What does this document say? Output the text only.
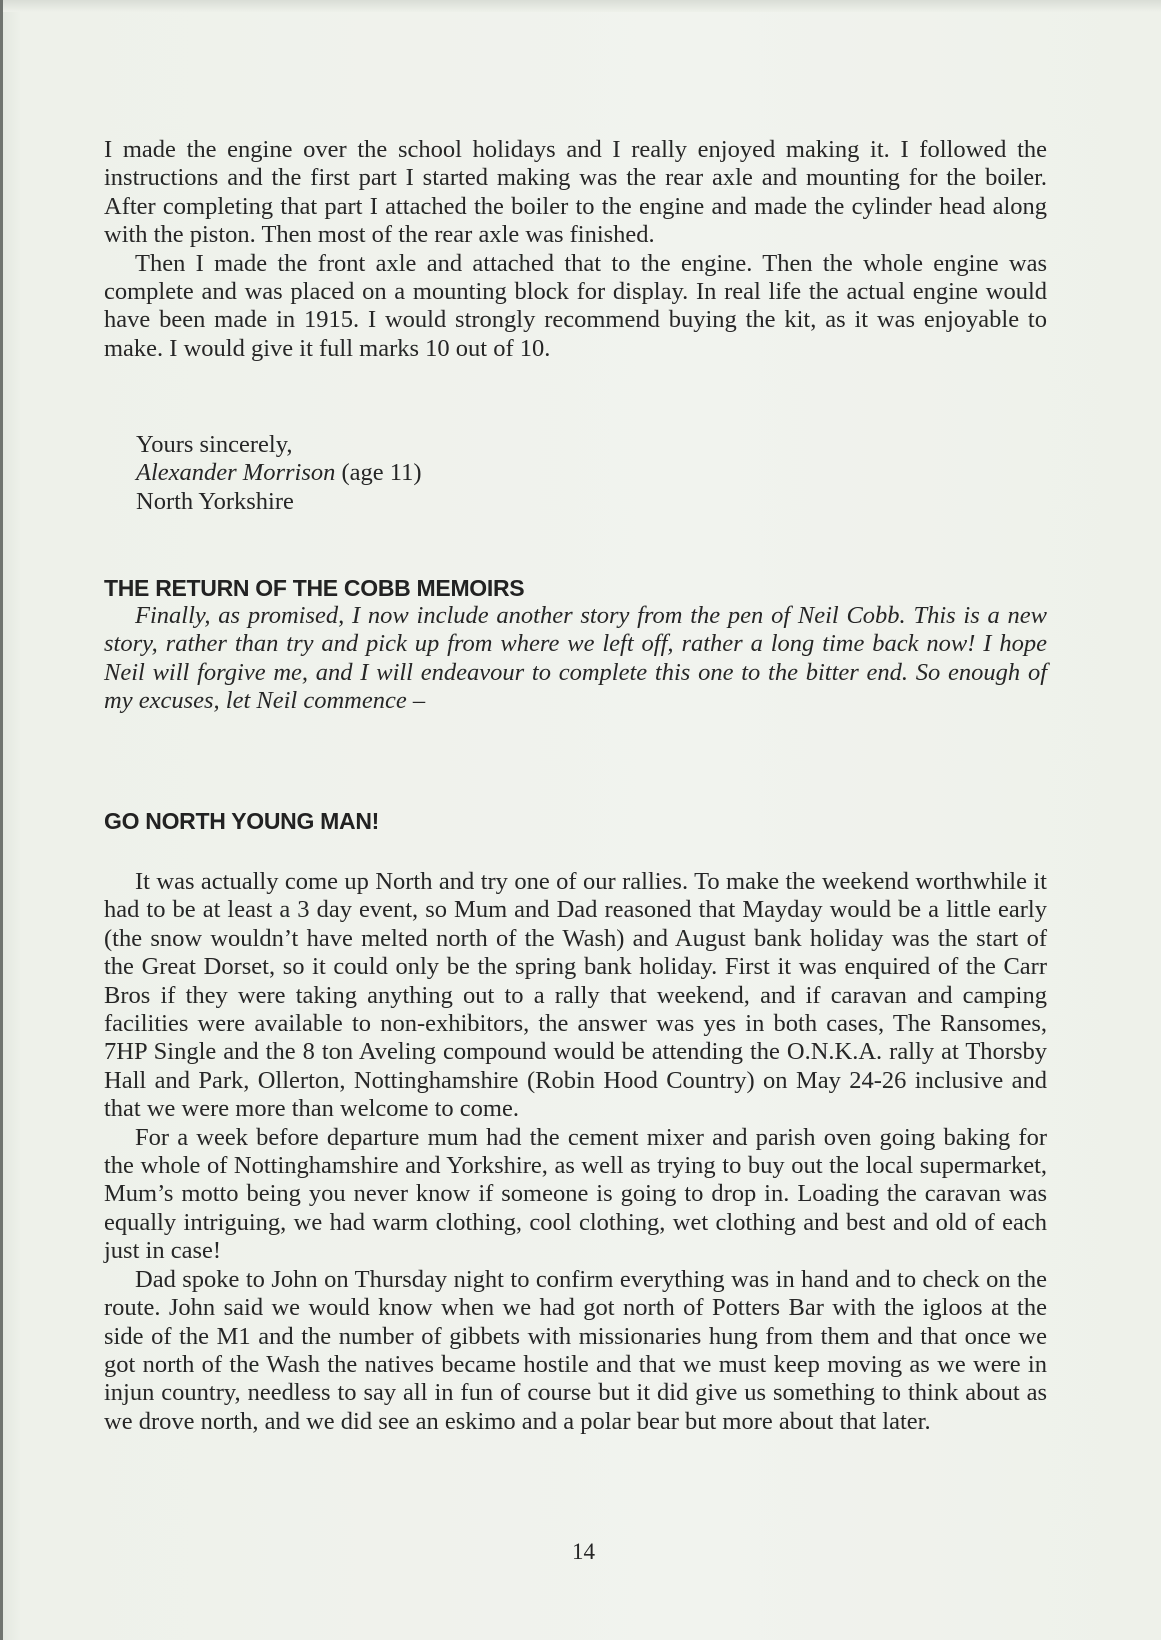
I made the engine over the school holidays and I really enjoyed making it. I followed the instructions and the first part I started making was the rear axle and mounting for the boiler. After completing that part I attached the boiler to the engine and made the cylinder head along with the piston. Then most of the rear axle was finished.

Then I made the front axle and attached that to the engine. Then the whole engine was complete and was placed on a mounting block for display. In real life the actual engine would have been made in 1915. I would strongly recommend buying the kit, as it was enjoyable to make. I would give it full marks 10 out of 10.

Yours sincerely,
Alexander Morrison (age 11)
North Yorkshire
THE RETURN OF THE COBB MEMOIRS

Finally, as promised, I now include another story from the pen of Neil Cobb. This is a new story, rather than try and pick up from where we left off, rather a long time back now! I hope Neil will forgive me, and I will endeavour to complete this one to the bitter end. So enough of my excuses, let Neil commence –

GO NORTH YOUNG MAN!

It was actually come up North and try one of our rallies. To make the weekend worthwhile it had to be at least a 3 day event, so Mum and Dad reasoned that Mayday would be a little early (the snow wouldn’t have melted north of the Wash) and August bank holiday was the start of the Great Dorset, so it could only be the spring bank holiday. First it was enquired of the Carr Bros if they were taking anything out to a rally that weekend, and if caravan and camping facilities were available to non-exhibitors, the answer was yes in both cases, The Ransomes, 7HP Single and the 8 ton Aveling compound would be attending the O.N.K.A. rally at Thorsby Hall and Park, Ollerton, Nottinghamshire (Robin Hood Country) on May 24-26 inclusive and that we were more than welcome to come.

For a week before departure mum had the cement mixer and parish oven going baking for the whole of Nottinghamshire and Yorkshire, as well as trying to buy out the local supermarket, Mum’s motto being you never know if someone is going to drop in. Loading the caravan was equally intriguing, we had warm clothing, cool clothing, wet clothing and best and old of each just in case!

Dad spoke to John on Thursday night to confirm everything was in hand and to check on the route. John said we would know when we had got north of Potters Bar with the igloos at the side of the M1 and the number of gibbets with missionaries hung from them and that once we got north of the Wash the natives became hostile and that we must keep moving as we were in injun country, needless to say all in fun of course but it did give us something to think about as we drove north, and we did see an eskimo and a polar bear but more about that later.

14
